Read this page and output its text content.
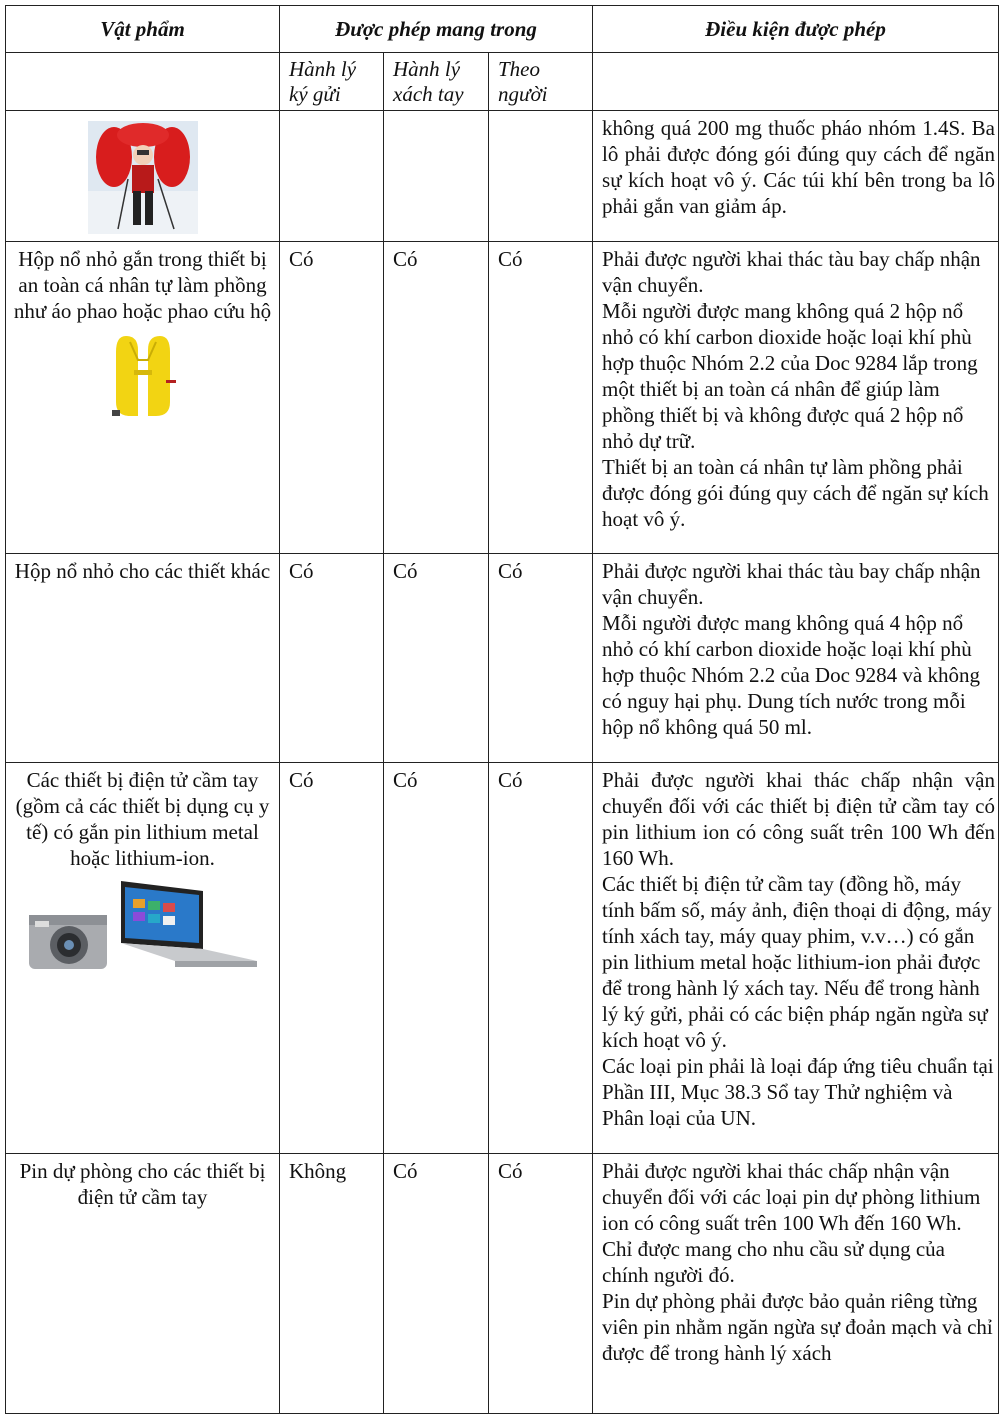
Vật phẩm	Được phép mang trong			Điều kiện được phép
	Hành lý ký gửi	Hành lý xách tay	Theo người	

không quá 200 mg thuốc pháo nhóm 1.4S. Ba lô phải được đóng gói đúng quy cách để ngăn sự kích hoạt vô ý. Các túi khí bên trong ba lô phải gắn van giảm áp.

Hộp nổ nhỏ gắn trong thiết bị an toàn cá nhân tự làm phồng như áo phao hoặc phao cứu hộ	Có	Có	Có	Phải được người khai thác tàu bay chấp nhận vận chuyển.
Mỗi người được mang không quá 2 hộp nổ nhỏ có khí carbon dioxide hoặc loại khí phù hợp thuộc Nhóm 2.2 của Doc 9284 lắp trong một thiết bị an toàn cá nhân để giúp làm phồng thiết bị và không được quá 2 hộp nổ nhỏ dự trữ.
Thiết bị an toàn cá nhân tự làm phồng phải được đóng gói đúng quy cách để ngăn sự kích hoạt vô ý.

Hộp nổ nhỏ cho các thiết khác	Có	Có	Có	Phải được người khai thác tàu bay chấp nhận vận chuyển.
Mỗi người được mang không quá 4 hộp nổ nhỏ có khí carbon dioxide hoặc loại khí phù hợp thuộc Nhóm 2.2 của Doc 9284 và không có nguy hại phụ. Dung tích nước trong mỗi hộp nổ không quá 50 ml.

Các thiết bị điện tử cầm tay (gồm cả các thiết bị dụng cụ y tế) có gắn pin lithium metal hoặc lithium-ion.	Có	Có	Có	Phải được người khai thác chấp nhận vận chuyển đối với các thiết bị điện tử cầm tay có pin lithium ion có công suất trên 100 Wh đến 160 Wh.
Các thiết bị điện tử cầm tay (đồng hồ, máy tính bấm số, máy ảnh, điện thoại di động, máy tính xách tay, máy quay phim, v.v…) có gắn pin lithium metal hoặc lithium-ion phải được để trong hành lý xách tay. Nếu để trong hành lý ký gửi, phải có các biện pháp ngăn ngừa sự kích hoạt vô ý.
Các loại pin phải là loại đáp ứng tiêu chuẩn tại Phần III, Mục 38.3 Sổ tay Thử nghiệm và Phân loại của UN.

Pin dự phòng cho các thiết bị điện tử cầm tay	Không	Có	Có	Phải được người khai thác chấp nhận vận chuyển đối với các loại pin dự phòng lithium ion có công suất trên 100 Wh đến 160 Wh.
Chỉ được mang cho nhu cầu sử dụng của chính người đó.
Pin dự phòng phải được bảo quản riêng từng viên pin nhằm ngăn ngừa sự đoản mạch và chỉ được để trong hành lý xách
